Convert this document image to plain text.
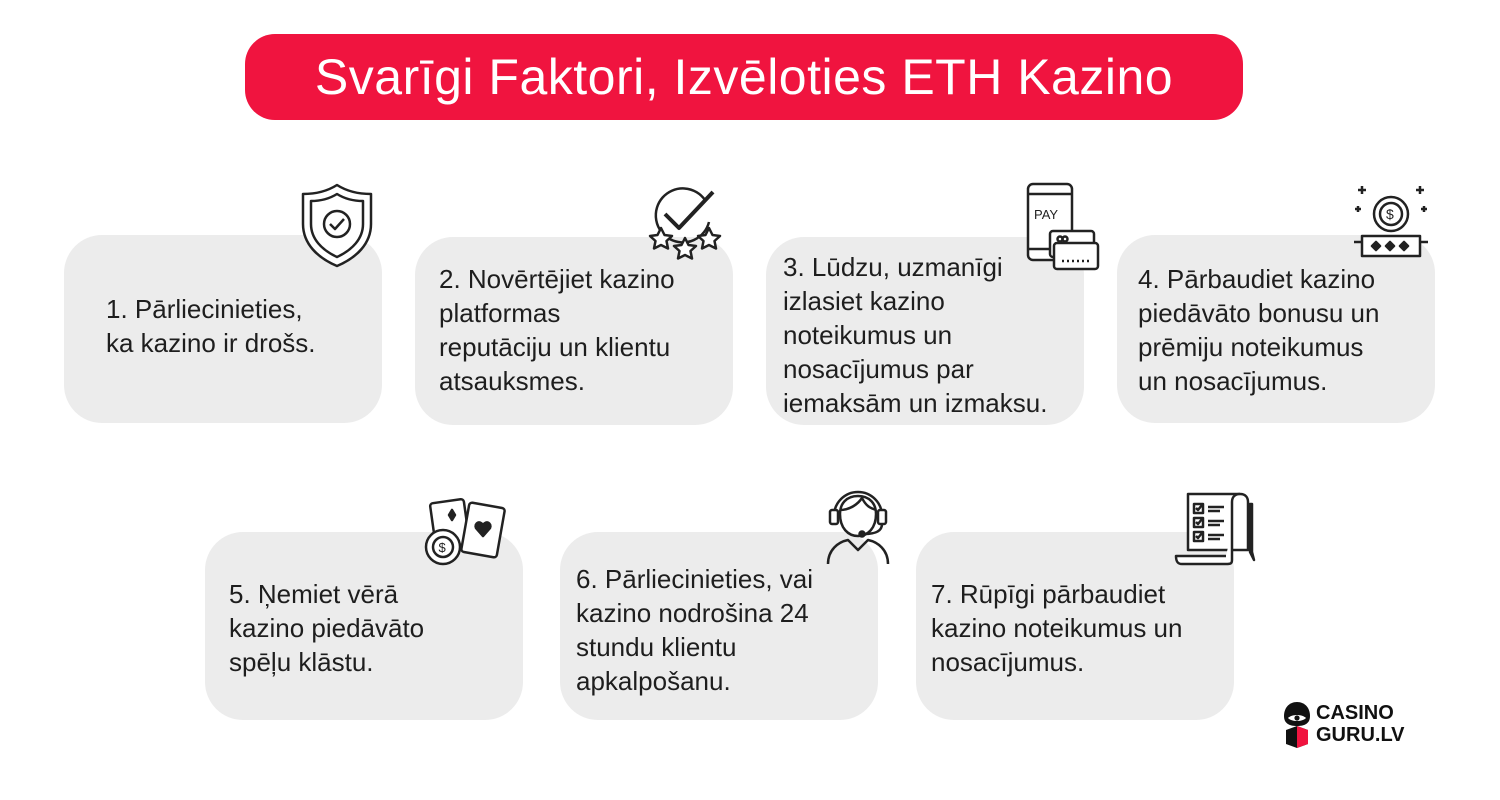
Svarīgi Faktori, Izvēloties ETH Kazino
1. Pārliecinieties,
ka kazino ir drošs.
2. Novērtējiet kazino
platformas
reputāciju un klientu
atsauksmes.
3. Lūdzu, uzmanīgi
izlasiet kazino
noteikumus un
nosacījumus par
iemaksām un izmaksu.
PAY
4. Pārbaudiet kazino
piedāvāto bonusu un
prēmiju noteikumus
un nosacījumus.
$
5. Ņemiet vērā
kazino piedāvāto
spēļu klāstu.
$
6. Pārliecinieties, vai
kazino nodrošina 24
stundu klientu
apkalpošanu.
7. Rūpīgi pārbaudiet
kazino noteikumus un
nosacījumus.
CASINO
GURU.LV
